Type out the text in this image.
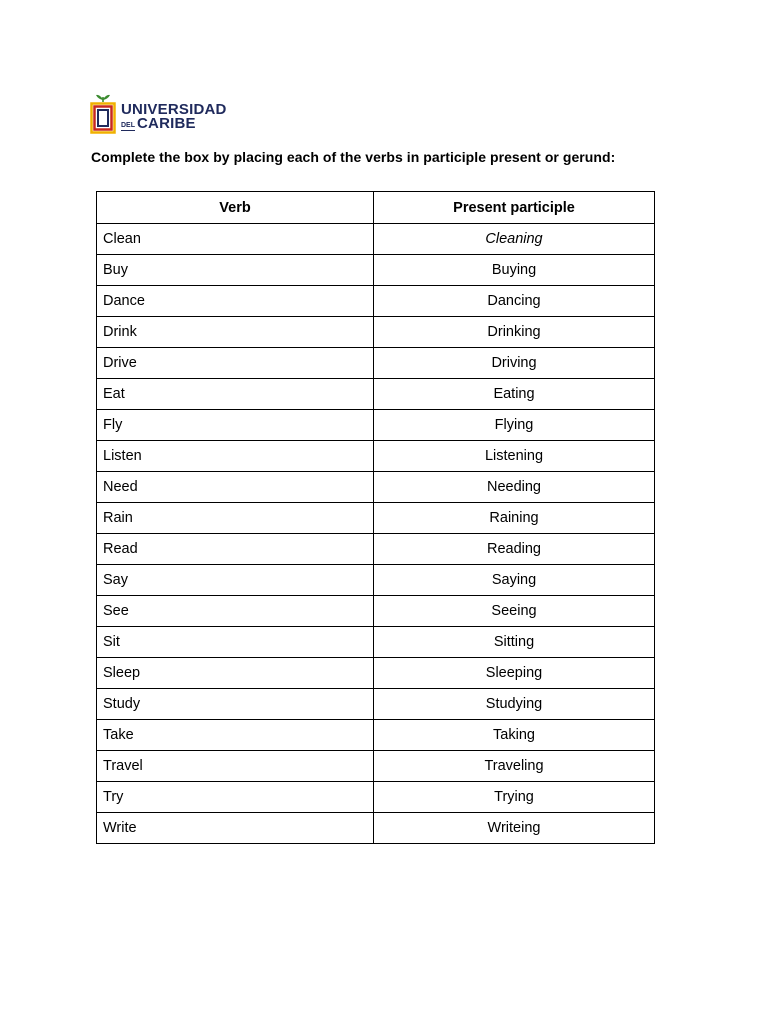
UNIVERSIDAD
DEL CARIBE
Complete the box by placing each of the verbs in participle present or gerund:
Verb	Present participle
Clean	Cleaning
Buy	Buying
Dance	Dancing
Drink	Drinking
Drive	Driving
Eat	Eating
Fly	Flying
Listen	Listening
Need	Needing
Rain	Raining
Read	Reading
Say	Saying
See	Seeing
Sit	Sitting
Sleep	Sleeping
Study	Studying
Take	Taking
Travel	Traveling
Try	Trying
Write	Writeing
